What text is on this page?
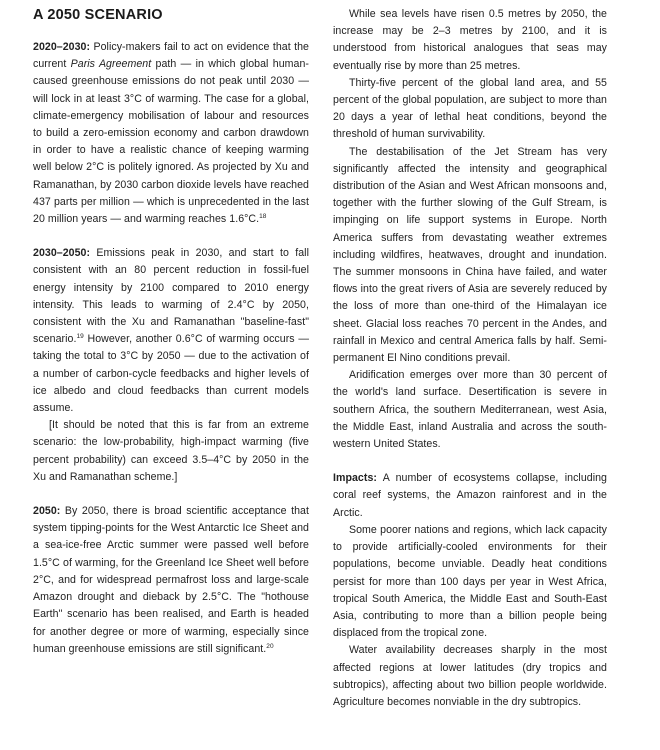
A 2050 SCENARIO

2020–2030: Policy-makers fail to act on evidence that the current Paris Agreement path — in which global human-caused greenhouse emissions do not peak until 2030 — will lock in at least 3°C of warming. The case for a global, climate-emergency mobilisation of labour and resources to build a zero-emission economy and carbon drawdown in order to have a realistic chance of keeping warming well below 2°C is politely ignored. As projected by Xu and Ramanathan, by 2030 carbon dioxide levels have reached 437 parts per million — which is unprecedented in the last 20 million years — and warming reaches 1.6°C.$^{18}$

2030–2050: Emissions peak in 2030, and start to fall consistent with an 80 percent reduction in fossil-fuel energy intensity by 2100 compared to 2010 energy intensity. This leads to warming of 2.4°C by 2050, consistent with the Xu and Ramanathan "baseline-fast" scenario.$^{19}$ However, another 0.6°C of warming occurs — taking the total to 3°C by 2050 — due to the activation of a number of carbon-cycle feedbacks and higher levels of ice albedo and cloud feedbacks than current models assume.

[It should be noted that this is far from an extreme scenario: the low-probability, high-impact warming (five percent probability) can exceed 3.5–4°C by 2050 in the Xu and Ramanathan scheme.]

2050: By 2050, there is broad scientific acceptance that system tipping-points for the West Antarctic Ice Sheet and a sea-ice-free Arctic summer were passed well before 1.5°C of warming, for the Greenland Ice Sheet well before 2°C, and for widespread permafrost loss and large-scale Amazon drought and dieback by 2.5°C. The "hothouse Earth" scenario has been realised, and Earth is headed for another degree or more of warming, especially since human greenhouse emissions are still significant.$^{20}$

While sea levels have risen 0.5 metres by 2050, the increase may be 2–3 metres by 2100, and it is understood from historical analogues that seas may eventually rise by more than 25 metres.

Thirty-five percent of the global land area, and 55 percent of the global population, are subject to more than 20 days a year of lethal heat conditions, beyond the threshold of human survivability.

The destabilisation of the Jet Stream has very significantly affected the intensity and geographical distribution of the Asian and West African monsoons and, together with the further slowing of the Gulf Stream, is impinging on life support systems in Europe. North America suffers from devastating weather extremes including wildfires, heatwaves, drought and inundation. The summer monsoons in China have failed, and water flows into the great rivers of Asia are severely reduced by the loss of more than one-third of the Himalayan ice sheet. Glacial loss reaches 70 percent in the Andes, and rainfall in Mexico and central America falls by half. Semi-permanent El Nino conditions prevail.

Aridification emerges over more than 30 percent of the world's land surface. Desertification is severe in southern Africa, the southern Mediterranean, west Asia, the Middle East, inland Australia and across the south-western United States.

Impacts: A number of ecosystems collapse, including coral reef systems, the Amazon rainforest and in the Arctic.

Some poorer nations and regions, which lack capacity to provide artificially-cooled environments for their populations, become unviable. Deadly heat conditions persist for more than 100 days per year in West Africa, tropical South America, the Middle East and South-East Asia, contributing to more than a billion people being displaced from the tropical zone.

Water availability decreases sharply in the most affected regions at lower latitudes (dry tropics and subtropics), affecting about two billion people worldwide. Agriculture becomes nonviable in the dry subtropics.
